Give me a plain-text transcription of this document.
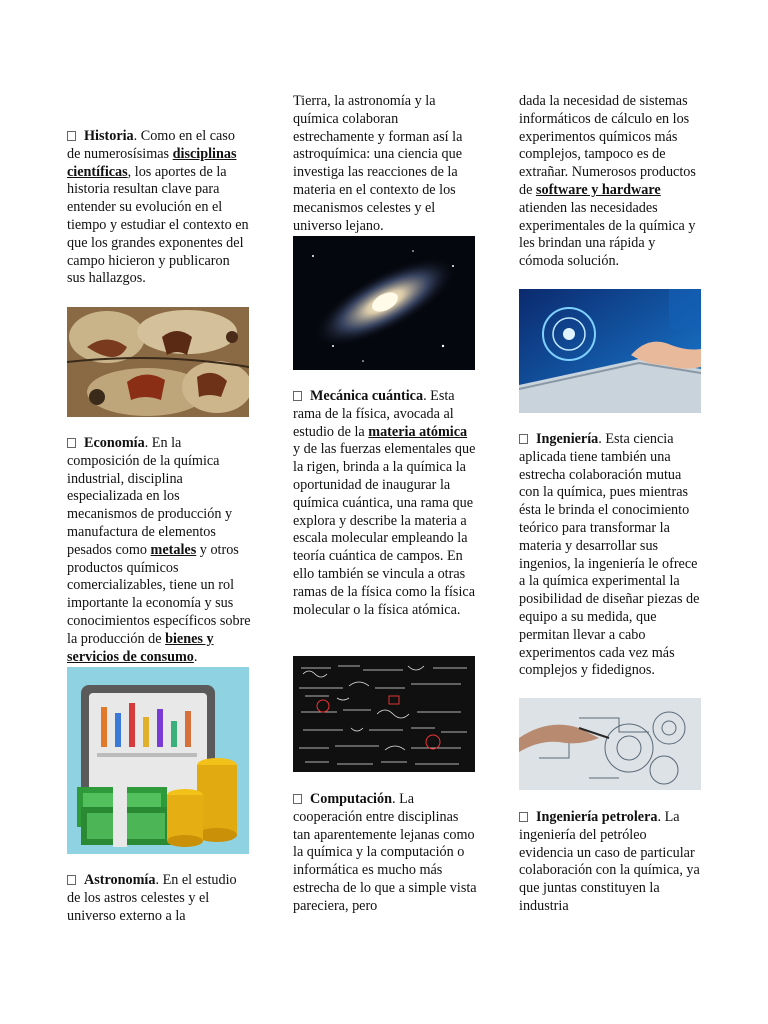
Historia. Como en el caso de numerosísimas disciplinas científicas, los aportes de la historia resultan clave para entender su evolución en el tiempo y estudiar el contexto en que los grandes exponentes del campo hicieron y publicaron sus hallazgos.

Economía. En la composición de la química industrial, disciplina especializada en los mecanismos de producción y manufactura de elementos pesados como metales y otros productos químicos comercializables, tiene un rol importante la economía y sus conocimientos específicos sobre la producción de bienes y servicios de consumo.

Astronomía. En el estudio de los astros celestes y el universo externo a la

Tierra, la astronomía y la química colaboran estrechamente y forman así la astroquímica: una ciencia que investiga las reacciones de la materia en el contexto de los mecanismos celestes y el universo lejano.

Mecánica cuántica. Esta rama de la física, avocada al estudio de la materia atómica y de las fuerzas elementales que la rigen, brinda a la química la oportunidad de inaugurar la química cuántica, una rama que explora y describe la materia a escala molecular empleando la teoría cuántica de campos. En ello también se vincula a otras ramas de la física como la física molecular o la física atómica.

Computación. La cooperación entre disciplinas tan aparentemente lejanas como la química y la computación o informática es mucho más estrecha de lo que a simple vista pareciera, pero

dada la necesidad de sistemas informáticos de cálculo en los experimentos químicos más complejos, tampoco es de extrañar. Numerosos productos de software y hardware atienden las necesidades experimentales de la química y les brindan una rápida y cómoda solución.

Ingeniería. Esta ciencia aplicada tiene también una estrecha colaboración mutua con la química, pues mientras ésta le brinda el conocimiento teórico para transformar la materia y desarrollar sus ingenios, la ingeniería le ofrece a la química experimental la posibilidad de diseñar piezas de equipo a su medida, que permitan llevar a cabo experimentos cada vez más complejos y fidedignos.

Ingeniería petrolera. La ingeniería del petróleo evidencia un caso de particular colaboración con la química, ya que juntas constituyen la industria
